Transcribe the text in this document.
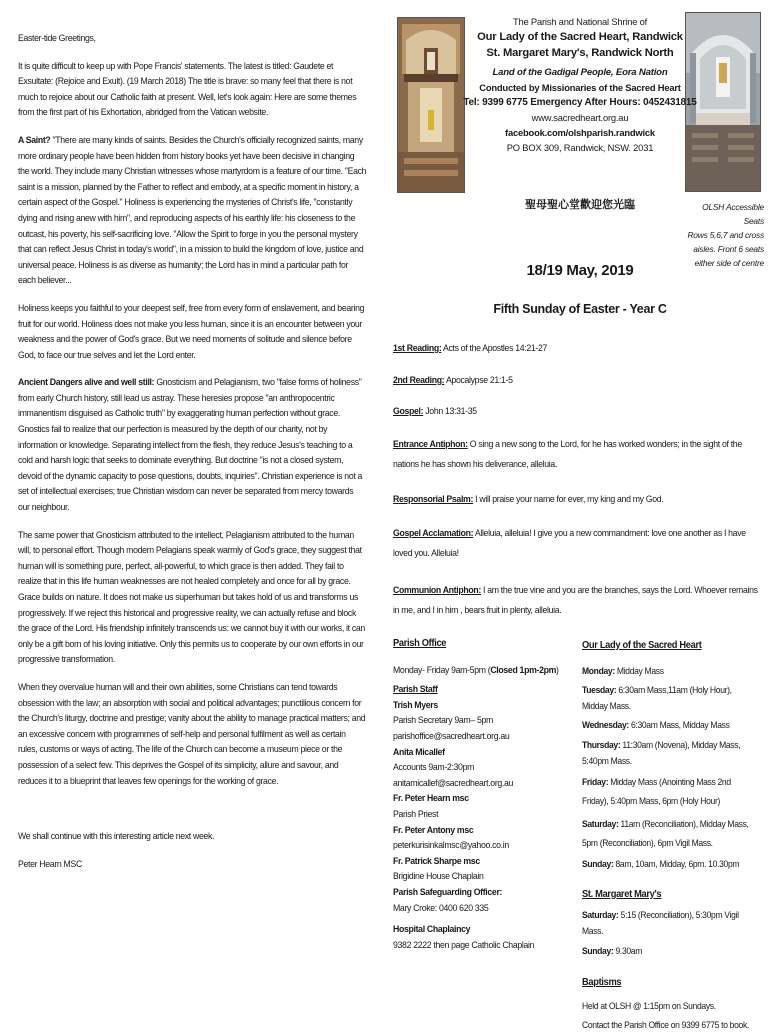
Easter-tide Greetings,

It is quite difficult to keep up with Pope Francis' statements. The latest is titled: Gaudete et Exsultate: (Rejoice and Exult). (19 March 2018) The title is brave: so many feel that there is not much to rejoice about our Catholic faith at present. Well, let's look again: Here are some themes from the first part of his Exhortation, abridged from the Vatican website.

A Saint? "There are many kinds of saints. Besides the Church's officially recognized saints, many more ordinary people have been hidden from history books yet have been decisive in changing the world. They include many Christian witnesses whose martyrdom is a feature of our time. "Each saint is a mission, planned by the Father to reflect and embody, at a specific moment in history, a certain aspect of the Gospel." Holiness is experiencing the mysteries of Christ's life, "constantly dying and rising anew with him", and reproducing aspects of his earthly life: his closeness to the outcast, his poverty, his self-sacrificing love. "Allow the Spirit to forge in you the personal mystery that can reflect Jesus Christ in today's world", in a mission to build the kingdom of love, justice and universal peace. Holiness is as diverse as humanity; the Lord has in mind a particular path for each believer...

Holiness keeps you faithful to your deepest self, free from every form of enslavement, and bearing fruit for our world. Holiness does not make you less human, since it is an encounter between your weakness and the power of God's grace. But we need moments of solitude and silence before God, to face our true selves and let the Lord enter.

Ancient Dangers alive and well still: Gnosticism and Pelagianism, two "false forms of holiness" from early Church history, still lead us astray. These heresies propose "an anthropocentric immanentism disguised as Catholic truth" by exaggerating human perfection without grace. Gnostics fail to realize that our perfection is measured by the depth of our charity, not by information or knowledge. Separating intellect from the flesh, they reduce Jesus's teaching to a cold and harsh logic that seeks to dominate everything. But doctrine "is not a closed system, devoid of the dynamic capacity to pose questions, doubts, inquiries". Christian experience is not a set of intellectual exercises; true Christian wisdom can never be separated from mercy towards our neighbour.

The same power that Gnosticism attributed to the intellect, Pelagianism attributed to the human will, to personal effort. Though modern Pelagians speak warmly of God's grace, they suggest that human will is something pure, perfect, all-powerful, to which grace is then added. They fail to realize that in this life human weaknesses are not healed completely and once for all by grace. Grace builds on nature. It does not make us superhuman but takes hold of us and transforms us progressively. If we reject this historical and progressive reality, we can actually refuse and block the grace of the Lord. His friendship infinitely transcends us: we cannot buy it with our works, it can only be a gift born of his loving initiative. Only this permits us to cooperate by our own efforts in our progressive transformation.

When they overvalue human will and their own abilities, some Christians can tend towards obsession with the law; an absorption with social and political advantages; punctilious concern for the Church's liturgy, doctrine and prestige; vanity about the ability to manage practical matters; and an excessive concern with programmes of self-help and personal fulfilment as well as certain rules, customs or ways of acting. The life of the Church can become a museum piece or the possession of a select few. This deprives the Gospel of its simplicity, allure and savour, and reduces it to a blueprint that leaves few openings for the working of grace.

We shall continue with this interesting article next week.

Peter Hearn MSC

The Parish and National Shrine of
Our Lady of the Sacred Heart, Randwick
St. Margaret Mary's, Randwick North
Land of the Gadigal People, Eora Nation
Conducted by Missionaries of the Sacred Heart
Tel: 9399 6775 Emergency After Hours: 0452431815
www.sacredheart.org.au
facebook.com/olshparish.randwick
PO BOX 309, Randwick, NSW. 2031
聖母聖心堂歡迎您光臨
18/19 May, 2019
Fifth Sunday of Easter - Year C
OLSH Accessible Seats
Rows 5,6,7 and cross
aisles. Front 6 seats
either side of centre

1st Reading: Acts of the Apostles 14:21-27

2nd Reading: Apocalypse 21:1-5

Gospel: John 13:31-35

Entrance Antiphon: O sing a new song to the Lord, for he has worked wonders; in the sight of the nations he has shown his deliverance, alleluia.

Responsorial Psalm: I will praise your name for ever, my king and my God.

Gospel Acclamation: Alleluia, alleluia! I give you a new commandment: love one another as I have loved you. Alleluia!

Communion Antiphon: I am the true vine and you are the branches, says the Lord. Whoever remains in me, and I in him , bears fruit in plenty, alleluia.

Parish Office
Monday- Friday 9am-5pm (Closed 1pm-2pm)
Parish Staff
Trish Myers
Parish Secretary 9am– 5pm
parishoffice@sacredheart.org.au
Anita Micallef
Accounts 9am-2:30pm
anitamicallef@sacredheart.org.au
Fr. Peter Hearn msc
Parish Priest
Fr. Peter Antony msc
peterkurisinkalmsc@yahoo.co.in
Fr. Patrick Sharpe msc
Brigidine House Chaplain
Parish Safeguarding Officer:
Mary Croke: 0400 620 335
Hospital Chaplaincy
9382 2222 then page Catholic Chaplain
Our Lady of the Sacred Heart
Monday: Midday Mass
Tuesday: 6:30am Mass,11am (Holy Hour), Midday Mass.
Wednesday: 6:30am Mass, Midday Mass
Thursday: 11:30am (Novena), Midday Mass, 5:40pm Mass.
Friday: Midday Mass (Anointing Mass 2nd Friday), 5:40pm Mass, 6pm (Holy Hour)
Saturday: 11am (Reconciliation), Midday Mass, 5pm (Reconciliation), 6pm Vigil Mass.
Sunday: 8am, 10am, Midday, 6pm. 10.30pm
St. Margaret Mary's
Saturday: 5:15 (Reconciliation), 5:30pm Vigil Mass.
Sunday: 9.30am
Baptisms
Held at OLSH @ 1:15pm on Sundays.
Contact the Parish Office on 9399 6775 to book.
